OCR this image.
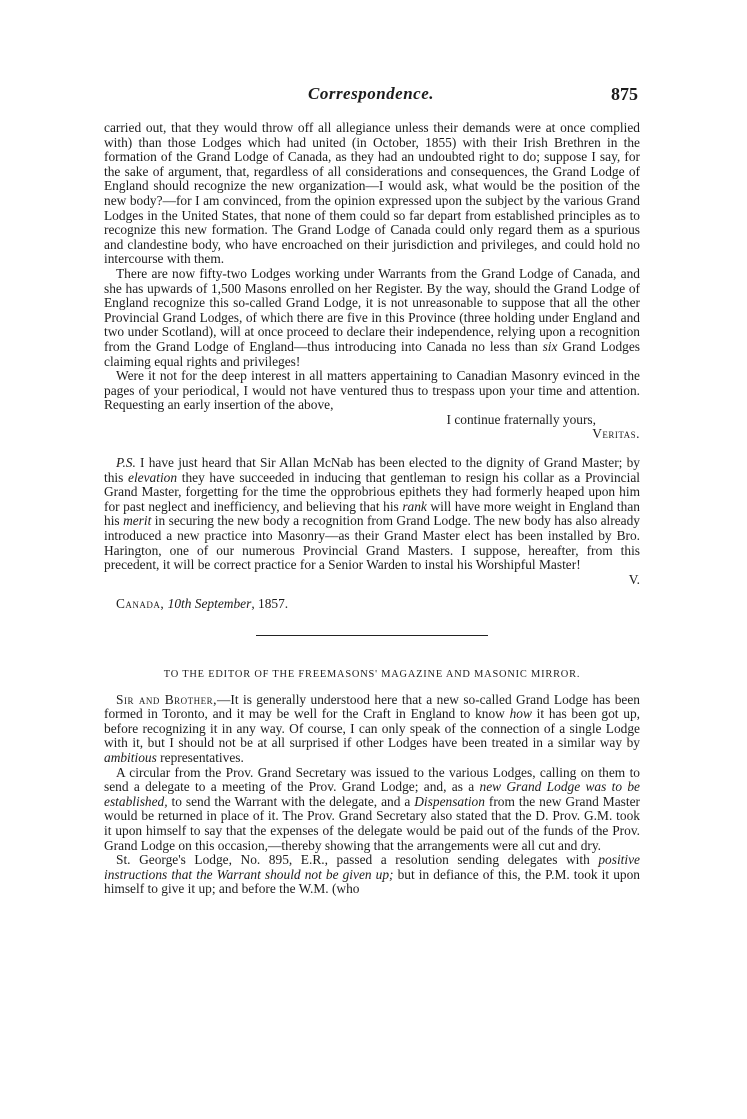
Correspondence.	875

carried out, that they would throw off all allegiance unless their demands were at once complied with) than those Lodges which had united (in October, 1855) with their Irish Brethren in the formation of the Grand Lodge of Canada, as they had an undoubted right to do; suppose I say, for the sake of argument, that, regardless of all considerations and consequences, the Grand Lodge of England should recognize the new organization—I would ask, what would be the position of the new body?—for I am convinced, from the opinion expressed upon the subject by the various Grand Lodges in the United States, that none of them could so far depart from established principles as to recognize this new formation. The Grand Lodge of Canada could only regard them as a spurious and clandestine body, who have encroached on their jurisdiction and privileges, and could hold no intercourse with them.

There are now fifty-two Lodges working under Warrants from the Grand Lodge of Canada, and she has upwards of 1,500 Masons enrolled on her Register. By the way, should the Grand Lodge of England recognize this so-called Grand Lodge, it is not unreasonable to suppose that all the other Provincial Grand Lodges, of which there are five in this Province (three holding under England and two under Scotland), will at once proceed to declare their independence, relying upon a recognition from the Grand Lodge of England—thus introducing into Canada no less than six Grand Lodges claiming equal rights and privileges!

Were it not for the deep interest in all matters appertaining to Canadian Masonry evinced in the pages of your periodical, I would not have ventured thus to trespass upon your time and attention. Requesting an early insertion of the above,

I continue fraternally yours,

Veritas.

P.S. I have just heard that Sir Allan McNab has been elected to the dignity of Grand Master; by this elevation they have succeeded in inducing that gentleman to resign his collar as a Provincial Grand Master, forgetting for the time the opprobrious epithets they had formerly heaped upon him for past neglect and inefficiency, and believing that his rank will have more weight in England than his merit in securing the new body a recognition from Grand Lodge. The new body has also already introduced a new practice into Masonry—as their Grand Master elect has been installed by Bro. Harington, one of our numerous Provincial Grand Masters. I suppose, hereafter, from this precedent, it will be correct practice for a Senior Warden to instal his Worshipful Master!

V.

Canada, 10th September, 1857.

TO THE EDITOR OF THE FREEMASONS' MAGAZINE AND MASONIC MIRROR.

Sir and Brother,—It is generally understood here that a new so-called Grand Lodge has been formed in Toronto, and it may be well for the Craft in England to know how it has been got up, before recognizing it in any way. Of course, I can only speak of the connection of a single Lodge with it, but I should not be at all surprised if other Lodges have been treated in a similar way by ambitious representatives.

A circular from the Prov. Grand Secretary was issued to the various Lodges, calling on them to send a delegate to a meeting of the Prov. Grand Lodge; and, as a new Grand Lodge was to be established, to send the Warrant with the delegate, and a Dispensation from the new Grand Master would be returned in place of it. The Prov. Grand Secretary also stated that the D. Prov. G.M. took it upon himself to say that the expenses of the delegate would be paid out of the funds of the Prov. Grand Lodge on this occasion,—thereby showing that the arrangements were all cut and dry.

St. George's Lodge, No. 895, E.R., passed a resolution sending delegates with positive instructions that the Warrant should not be given up; but in defiance of this, the P.M. took it upon himself to give it up; and before the W.M. (who
